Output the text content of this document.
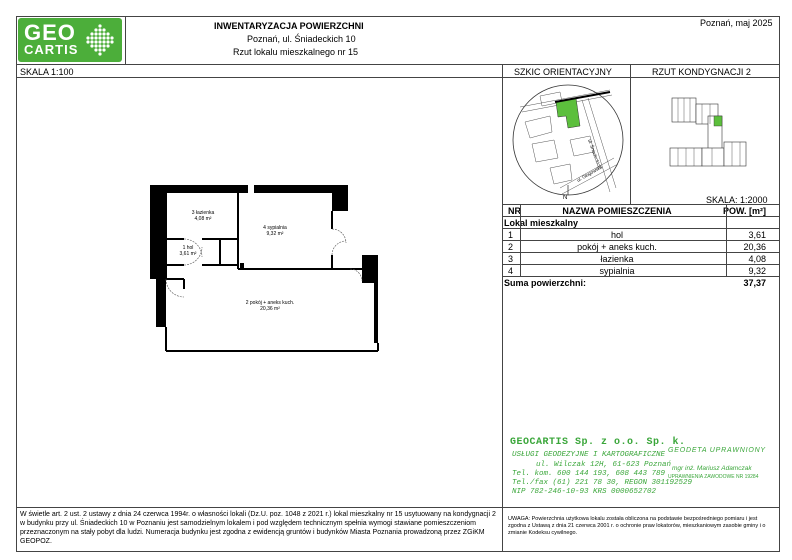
GEO
CARTIS
INWENTARYZACJA POWIERZCHNI
Poznań, ul. Śniadeckich 10
Rzut lokalu mieszkalnego nr 15
Poznań, maj 2025
SKALA 1:100
3 łazienka
4,08 m²
4 sypialnia
9,32 m²
1 hol
3,61 m²
2 pokój + aneks kuch.
20,36 m²
SZKIC ORIENTACYJNY	RZUT KONDYGNACJI 2
ul. Śniadeckich
ul. Głogowska
N	SKALA: 1:2000
NR	NAZWA POMIESZCZENIA	POW. [m²]
Lokal mieszkalny
1	hol	3,61
2	pokój + aneks kuch.	20,36
3	łazienka	4,08
4	sypialnia	9,32
Suma powierzchni:	37,37
GEOCARTIS Sp. z o.o. Sp. k.
USŁUGI GEODEZYJNE I KARTOGRAFICZNE
ul. Wilczak 12H, 61-623 Poznań
Tel. kom. 600 144 193, 608 443 789
Tel./fax (61) 221 78 30, REGON 301192529
NIP 782-246-10-93 KRS 0000652702
GEODETA UPRAWNIONY
mgr inż. Mariusz Adamczak
UPRAWNIENIA ZAWODOWE NR 19284
W świetle art. 2 ust. 2 ustawy z dnia 24 czerwca 1994r. o własności lokali (Dz.U. poz. 1048 z 2021 r.) lokal mieszkalny nr 15 usytuowany na kondygnacji 2 w budynku przy ul. Śniadeckich 10 w Poznaniu jest samodzielnym lokalem i pod względem technicznym spełnia wymogi stawiane pomieszczeniom przeznaczonym na stały pobyt dla ludzi. Numeracja budynku jest zgodna z ewidencją gruntów i budynków Miasta Poznania prowadzoną przez ZGiKM GEOPOZ.
UWAGA: Powierzchnia użytkowa lokalu została obliczona na podstawie bezpośredniego pomiaru i jest zgodna z Ustawą z dnia 21 czerwca 2001 r. o ochronie praw lokatorów, mieszkaniowym zasobie gminy i o zmianie Kodeksu cywilnego.
